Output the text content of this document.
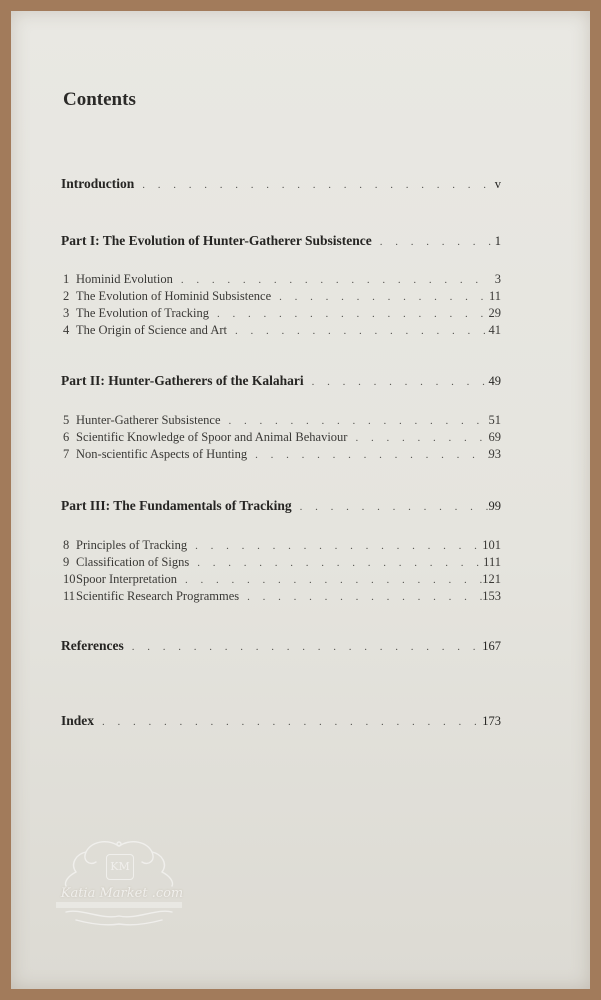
Contents
Introduction . . .	v
Part I: The Evolution of Hunter-Gatherer Subsistence . . .	1
1 Hominid Evolution . . .	3
2 The Evolution of Hominid Subsistence . . .	11
3 The Evolution of Tracking . . .	29
4 The Origin of Science and Art . . .	41
Part II: Hunter-Gatherers of the Kalahari . . .	49
5 Hunter-Gatherer Subsistence . . .	51
6 Scientific Knowledge of Spoor and Animal Behaviour . . .	69
7 Non-scientific Aspects of Hunting . . .	93
Part III: The Fundamentals of Tracking . . .	99
8 Principles of Tracking . . .	101
9 Classification of Signs . . .	111
10 Spoor Interpretation . . .	121
11 Scientific Research Programmes . . .	153
References . . .	167
Index . . .	173
KM
Katia Market .com
